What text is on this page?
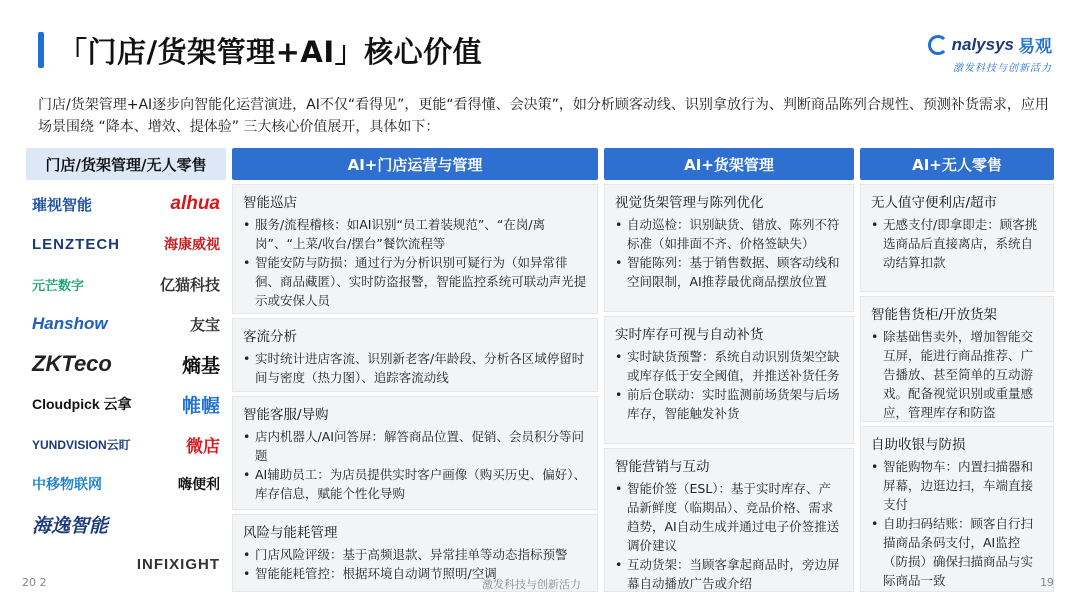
「门店/货架管理+AI」核心价值	nalysys 易观
激发科技与创新活力
门店/货架管理+AI逐步向智能化运营演进，AI不仅“看得见”，更能“看得懂、会决策”，如分析顾客动线、识别拿放行为、判断商品陈列合规性、预测补货需求，应用场景围绕 “降本、增效、提体验” 三大核心价值展开，具体如下：
门店/货架管理/无人零售	AI+门店运营与管理	AI+货架管理	AI+无人零售
璀视智能	alhua
LENZTECH	海康威视
元芒数字	亿猫科技
Hanshow	友宝
ZKTeco	熵基
Cloudpick 云拿	帷幄
YUNDVISION云盯	微店
中移物联网	嗨便利
海逸智能
INFIXIGHT
智能巡店
• 服务/流程稽核：如AI识别“员工着装规范”、“在岗/离岗”、“上菜/收台/摆台”餐饮流程等
• 智能安防与防损：通过行为分析识别可疑行为（如异常徘徊、商品藏匿）、实时防盗报警，智能监控系统可联动声光提示或安保人员
客流分析
• 实时统计进店客流、识别新老客/年龄段、分析各区域停留时间与密度（热力图）、追踪客流动线
智能客服/导购
• 店内机器人/AI问答屏：解答商品位置、促销、会员积分等问题
• AI辅助员工：为店员提供实时客户画像（购买历史、偏好）、库存信息，赋能个性化导购
风险与能耗管理
• 门店风险评级：基于高频退款、异常挂单等动态指标预警
• 智能能耗管控：根据环境自动调节照明/空调
视觉货架管理与陈列优化
• 自动巡检：识别缺货、错放、陈列不符标准（如排面不齐、价格签缺失）
• 智能陈列：基于销售数据、顾客动线和空间限制，AI推荐最优商品摆放位置
实时库存可视与自动补货
• 实时缺货预警：系统自动识别货架空缺或库存低于安全阈值，并推送补货任务
• 前后仓联动：实时监测前场货架与后场库存，智能触发补货
智能营销与互动
• 智能价签（ESL）：基于实时库存、产品新鲜度（临期品）、竞品价格、需求趋势，AI自动生成并通过电子价签推送调价建议
• 互动货架：当顾客拿起商品时，旁边屏幕自动播放广告或介绍
无人值守便利店/超市
• 无感支付/即拿即走：顾客挑选商品后直接离店，系统自动结算扣款
智能售货柜/开放货架
• 除基础售卖外，增加智能交互屏，能进行商品推荐、广告播放、甚至简单的互动游戏。配备视觉识别或重量感应，管理库存和防盗
自助收银与防损
• 智能购物车：内置扫描器和屏幕，边逛边扫，车端直接支付
• 自助扫码结账：顾客自行扫描商品条码支付，AI监控（防损）确保扫描商品与实际商品一致
20 2	激发科技与创新活力	19
